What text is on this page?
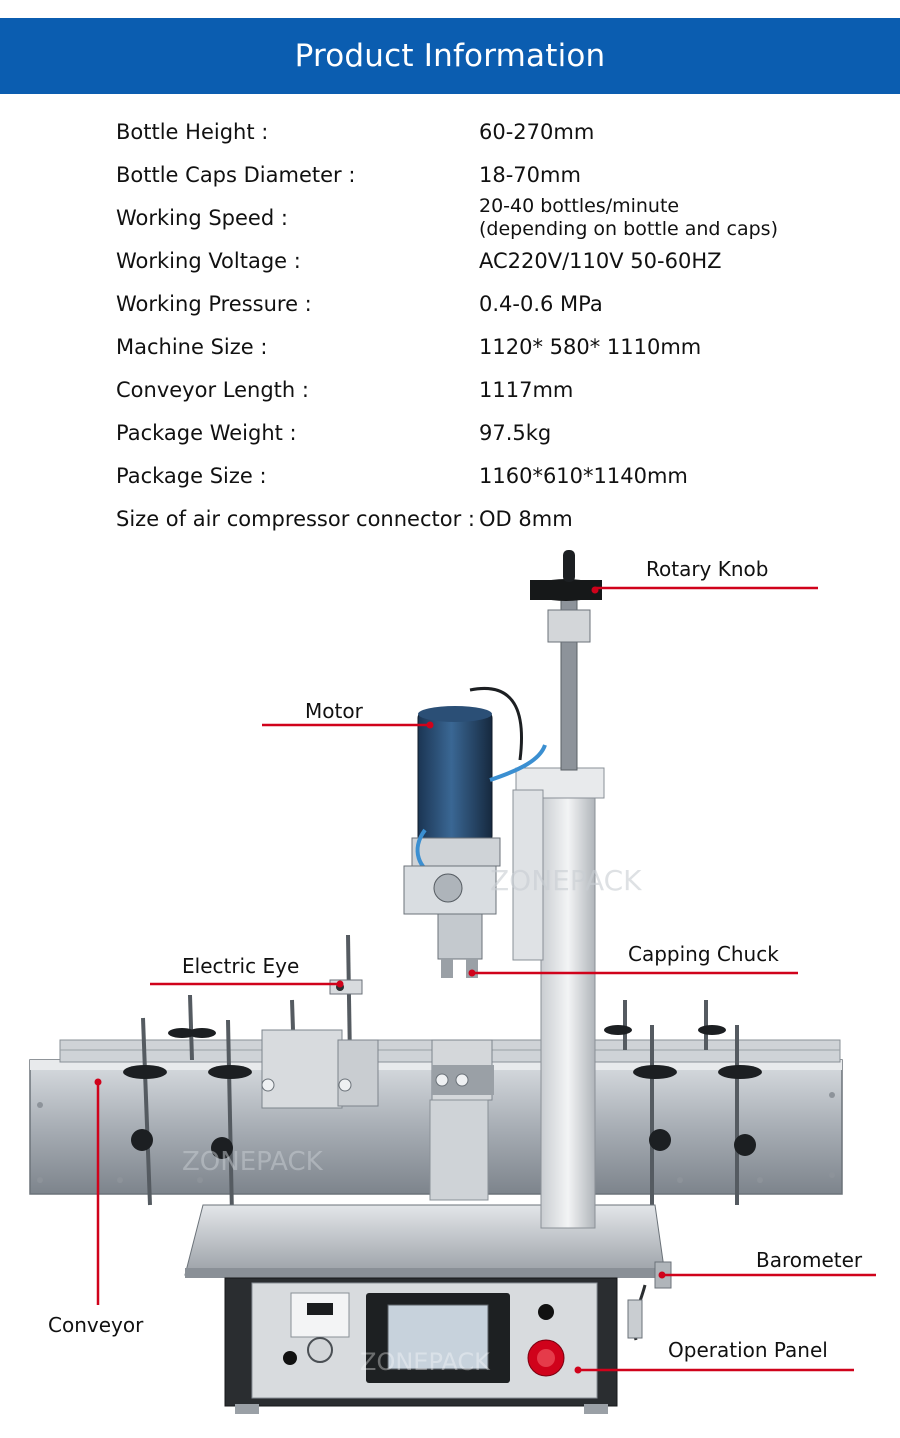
Product Information
Bottle Height :	60-270mm
Bottle Caps Diameter :	18-70mm
Working Speed :	20-40 bottles/minute
(depending on bottle and caps)
Working Voltage :	AC220V/110V 50-60HZ
Working Pressure :	0.4-0.6 MPa
Machine Size :	1120* 580* 1110mm
Conveyor Length :	1117mm
Package Weight :	97.5kg
Package Size :	1160*610*1140mm
Size of air compressor connector : OD 8mm
ZONEPACK
ZONEPACK
ZONEPACK
Rotary Knob
Motor
Electric Eye	Capping Chuck
Barometer
Conveyor
Operation Panel
